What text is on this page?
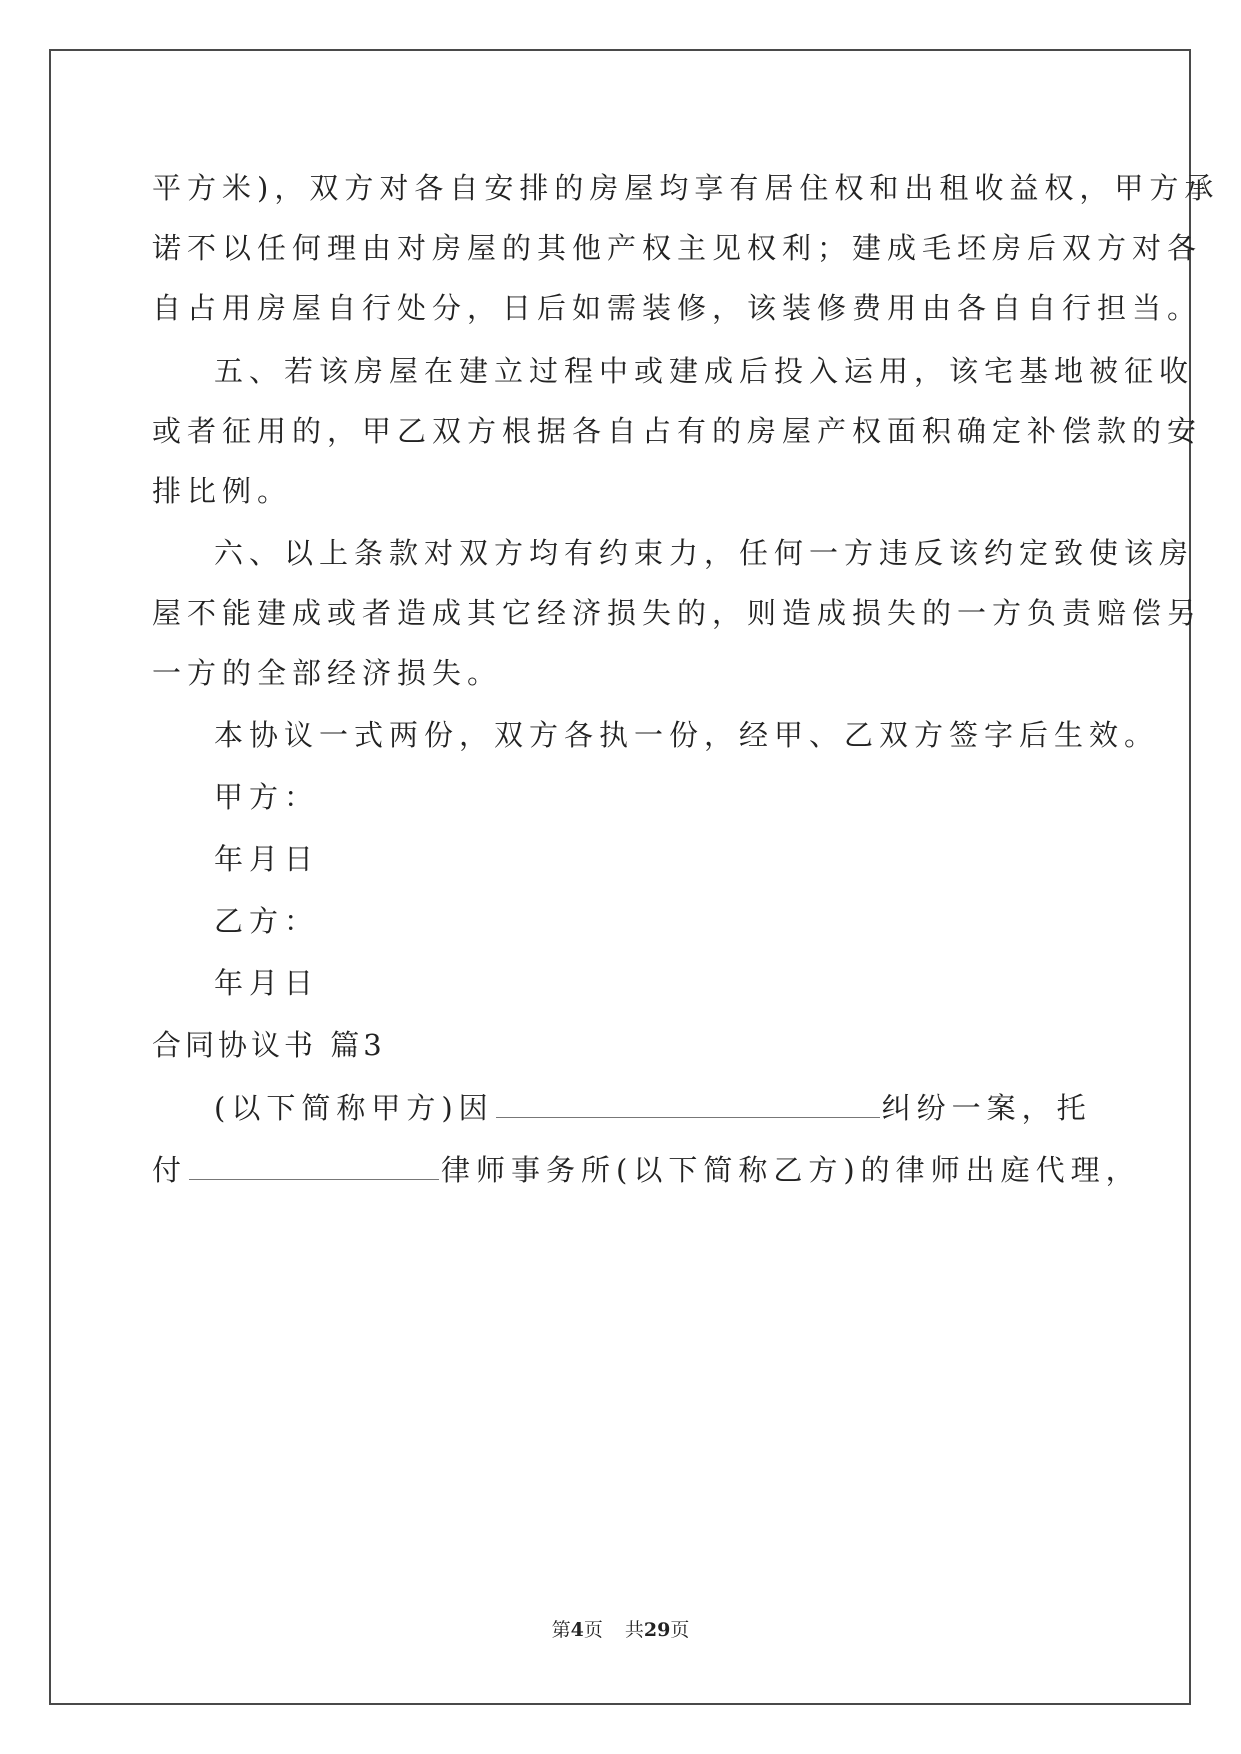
平方米)，双方对各自安排的房屋均享有居住权和出租收益权，甲方承
诺不以任何理由对房屋的其他产权主见权利；建成毛坯房后双方对各
自占用房屋自行处分，日后如需装修，该装修费用由各自自行担当。
五、若该房屋在建立过程中或建成后投入运用，该宅基地被征收
或者征用的，甲乙双方根据各自占有的房屋产权面积确定补偿款的安
排比例。
六、以上条款对双方均有约束力，任何一方违反该约定致使该房
屋不能建成或者造成其它经济损失的，则造成损失的一方负责赔偿另
一方的全部经济损失。
本协议一式两份，双方各执一份，经甲、乙双方签字后生效。
甲方：
年月日
乙方：
年月日
合同协议书 篇3
(以下简称甲方)因	纠纷一案，托
付	律师事务所(以下简称乙方)的律师出庭代理，
第4页 共29页
